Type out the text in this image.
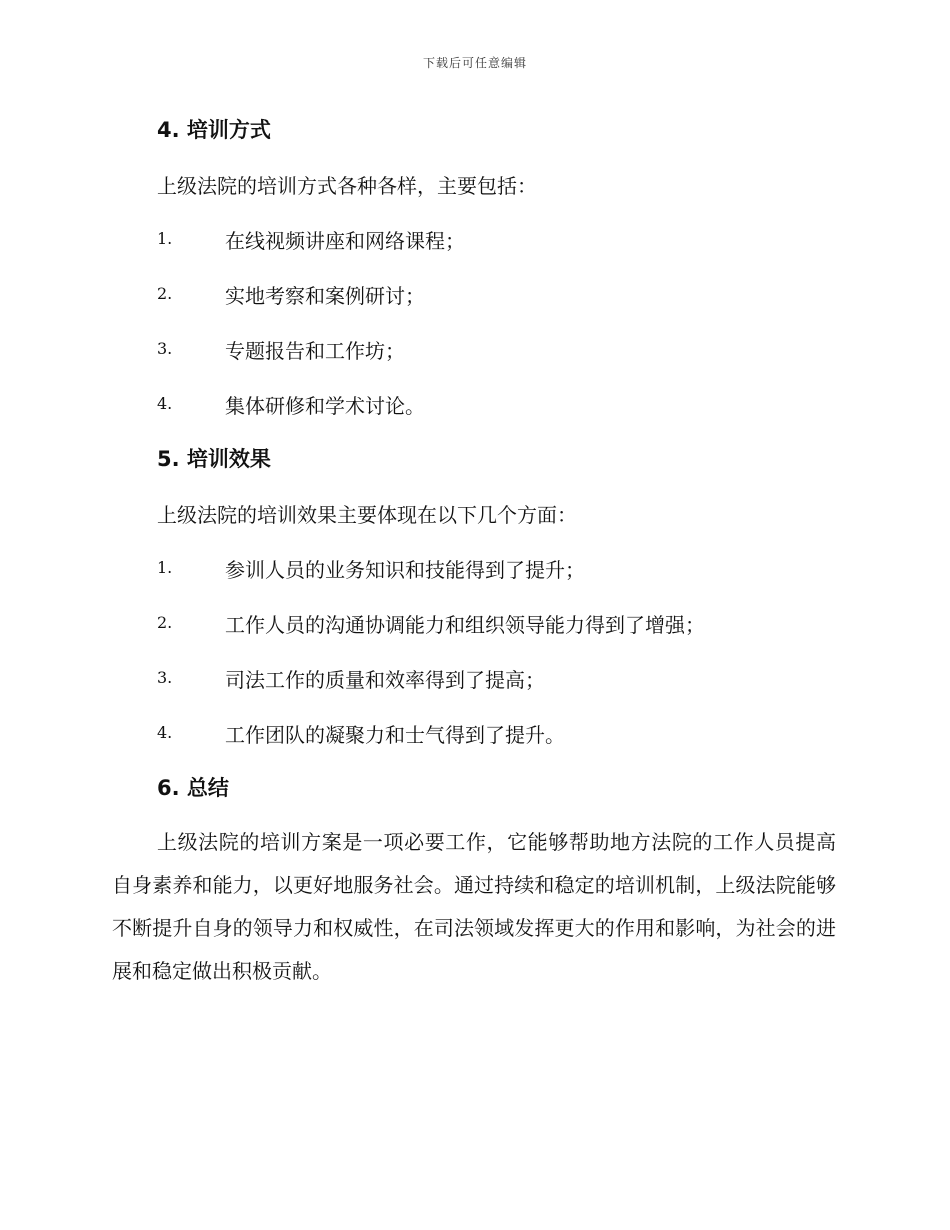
下载后可任意编辑
4. 培训方式
上级法院的培训方式各种各样，主要包括：
1.	在线视频讲座和网络课程；
2.	实地考察和案例研讨；
3.	专题报告和工作坊；
4.	集体研修和学术讨论。
5. 培训效果
上级法院的培训效果主要体现在以下几个方面：
1.	参训人员的业务知识和技能得到了提升；
2.	工作人员的沟通协调能力和组织领导能力得到了增强；
3.	司法工作的质量和效率得到了提高；
4.	工作团队的凝聚力和士气得到了提升。
6. 总结
上级法院的培训方案是一项必要工作，它能够帮助地方法院的工作人员提高自身素养和能力，以更好地服务社会。通过持续和稳定的培训机制，上级法院能够不断提升自身的领导力和权威性，在司法领域发挥更大的作用和影响，为社会的进展和稳定做出积极贡献。
